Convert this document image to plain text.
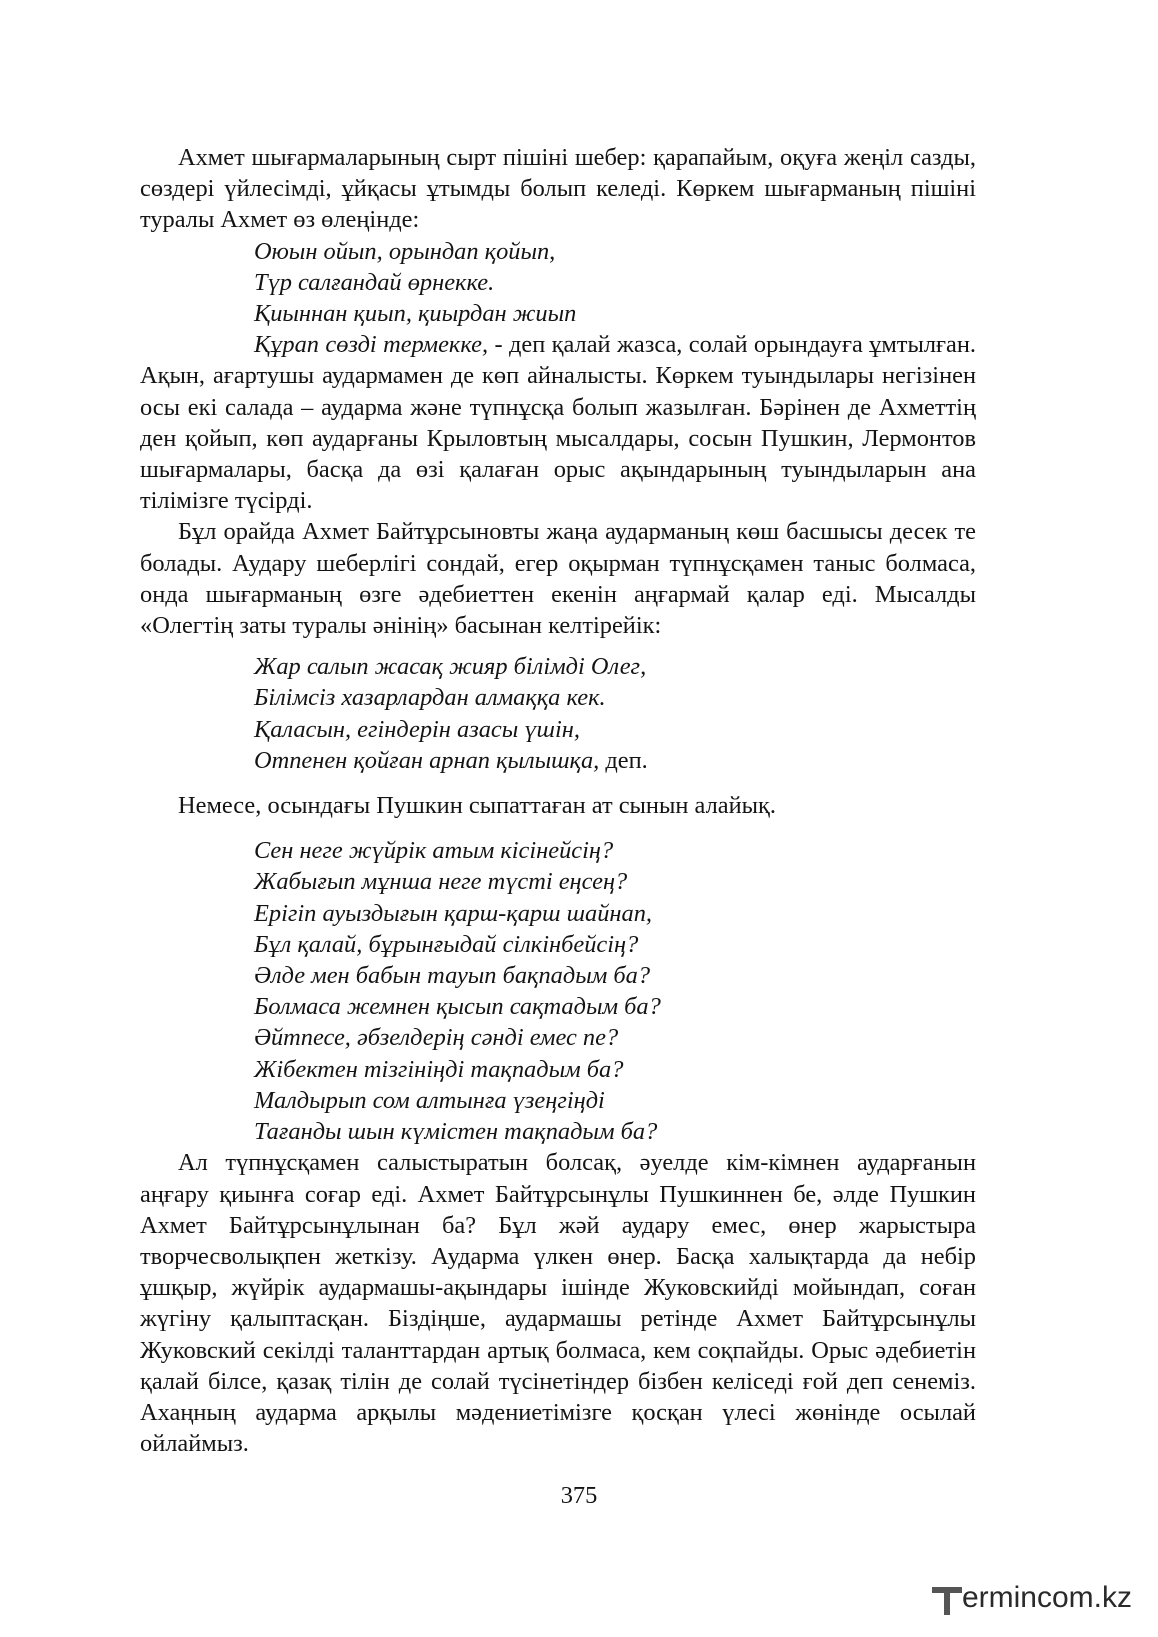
Ахмет шығармаларының сырт пішіні шебер: қарапайым, оқуға жеңіл сазды, сөздері үйлесімді, ұйқасы ұтымды болып келеді. Көркем шығарманың пішіні туралы Ахмет өз өлеңінде:

Оюын ойып, орындап қойып,
Түр салғандай өрнекке.
Қиыннан қиып, қиырдан жиып

Құрап сөзді термекке, - деп қалай жазса, солай орындауға ұмтылған. Ақын, ағартушы аудармамен де көп айналысты. Көркем туындылары негізінен осы екі салада – аударма және түпнұсқа болып жазылған. Бәрінен де Ахметтің ден қойып, көп аударғаны Крыловтың мысалдары, сосын Пушкин, Лермонтов шығармалары, басқа да өзі қалаған орыс ақындарының туындыларын ана тілімізге түсірді.

Бұл орайда Ахмет Байтұрсыновты жаңа аударманың көш басшысы десек те болады. Аудару шеберлігі сондай, егер оқырман түпнұсқамен таныс болмаса, онда шығарманың өзге әдебиеттен екенін аңғармай қалар еді. Мысалды «Олегтің заты туралы әнінің» басынан келтірейік:

Жар салып жасақ жияр білімді Олег,
Білімсіз хазарлардан алмаққа кек.
Қаласын, егіндерін азасы үшін,
Отпенен қойған арнап қылышқа, деп.

Немесе, осындағы Пушкин сыпаттаған ат сынын алайық.

Сен неге жүйрік атым кісінейсің?
Жабығып мұнша неге түсті еңсең?
Ерігіп ауыздығын қарш-қарш шайнап,
Бұл қалай, бұрынғыдай сілкінбейсің?
Әлде мен бабын тауып бақпадым ба?
Болмаса жемнен қысып сақтадым ба?
Әйтпесе, әбзелдерің сәнді емес пе?
Жібектен тізгініңді тақпадым ба?
Малдырып сом алтынға үзеңгіңді
Тағанды шын күмістен тақпадым ба?

Ал түпнұсқамен салыстыратын болсақ, әуелде кім-кімнен аударғанын аңғару қиынға соғар еді. Ахмет Байтұрсынұлы Пушкиннен бе, әлде Пушкин Ахмет Байтұрсынұлынан ба? Бұл жәй аудару емес, өнер жарыстыра творчесволықпен жеткізу. Аударма үлкен өнер. Басқа халықтарда да небір ұшқыр, жүйрік аудармашы-ақындары ішінде Жуковскийді мойындап, соған жүгіну қалыптасқан. Біздіңше, аудармашы ретінде Ахмет Байтұрсынұлы Жуковский секілді таланттардан артық болмаса, кем соқпайды. Орыс әдебиетін қалай білсе, қазақ тілін де солай түсінетіндер бізбен келіседі ғой деп сенеміз. Ахаңның аударма арқылы мәдениетімізге қосқан үлесі жөнінде осылай ойлаймыз.

375
ermincom.kz
